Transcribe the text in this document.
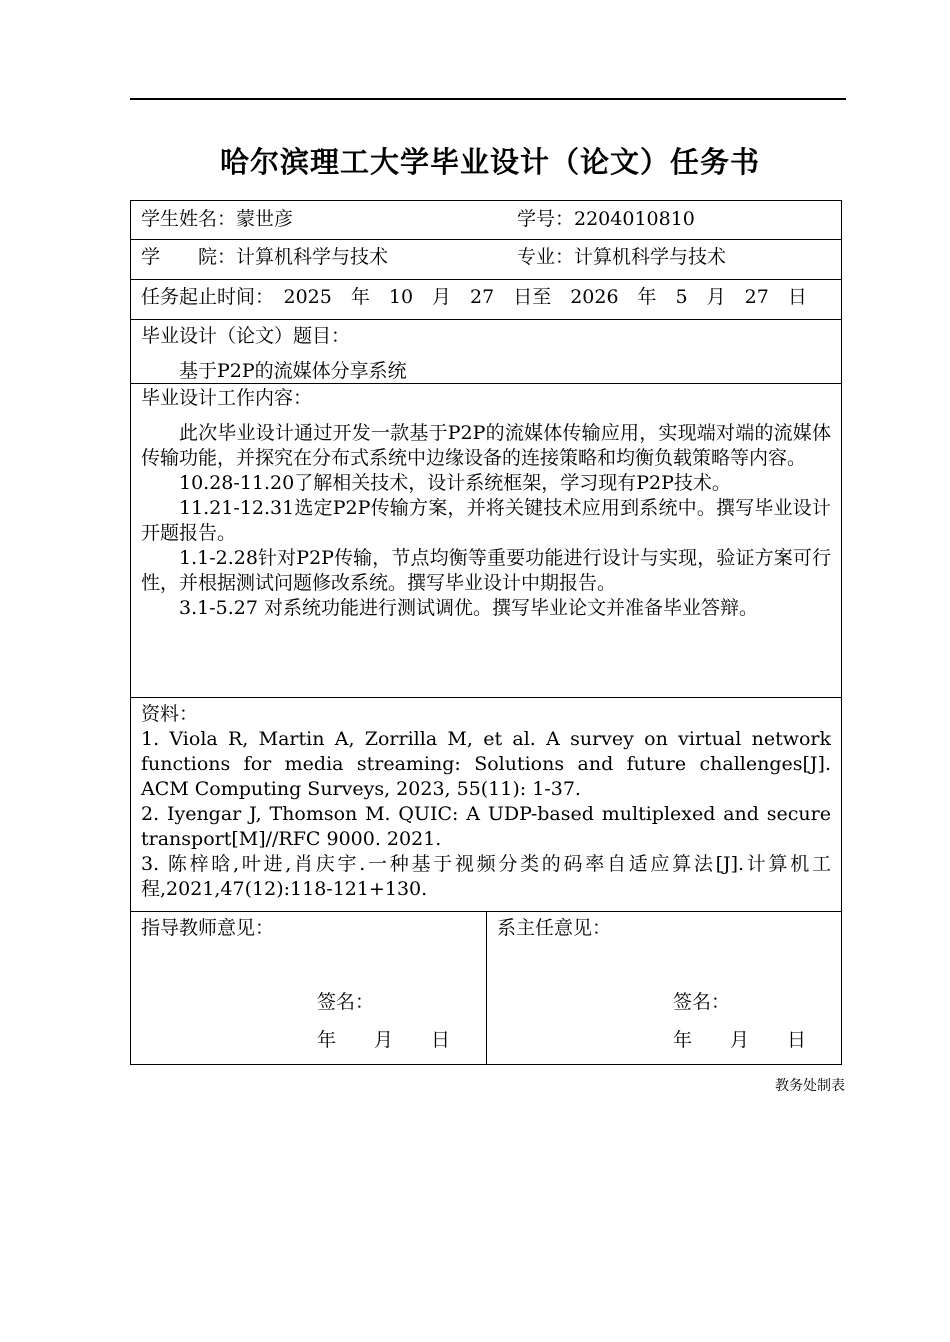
哈尔滨理工大学毕业设计（论文）任务书
学生姓名：蒙世彦	学号：2204010810
学　　院：计算机科学与技术	专业：计算机科学与技术
任务起止时间：　2025　年　10　月　27　日至　2026　年　5　月　27　日
毕业设计（论文）题目：
基于P2P的流媒体分享系统
毕业设计工作内容：

此次毕业设计通过开发一款基于P2P的流媒体传输应用，实现端对端的流媒体传输功能，并探究在分布式系统中边缘设备的连接策略和均衡负载策略等内容。

10.28-11.20了解相关技术，设计系统框架，学习现有P2P技术。

11.21-12.31选定P2P传输方案，并将关键技术应用到系统中。撰写毕业设计开题报告。

1.1-2.28针对P2P传输，节点均衡等重要功能进行设计与实现，验证方案可行性，并根据测试问题修改系统。撰写毕业设计中期报告。

3.1-5.27 对系统功能进行测试调优。撰写毕业论文并准备毕业答辩。

资料：

1. Viola R, Martin A, Zorrilla M, et al. A survey on virtual network functions for media streaming: Solutions and future challenges[J]. ACM Computing Surveys, 2023, 55(11): 1-37.

2. Iyengar J, Thomson M. QUIC: A UDP-based multiplexed and secure transport[M]//RFC 9000. 2021.

3. 陈梓晗,叶进,肖庆宇.一种基于视频分类的码率自适应算法[J].计算机工程,2021,47(12):118-121+130.

指导教师意见：
签名：
年　　月　　日
系主任意见：
签名：
年　　月　　日
教务处制表
